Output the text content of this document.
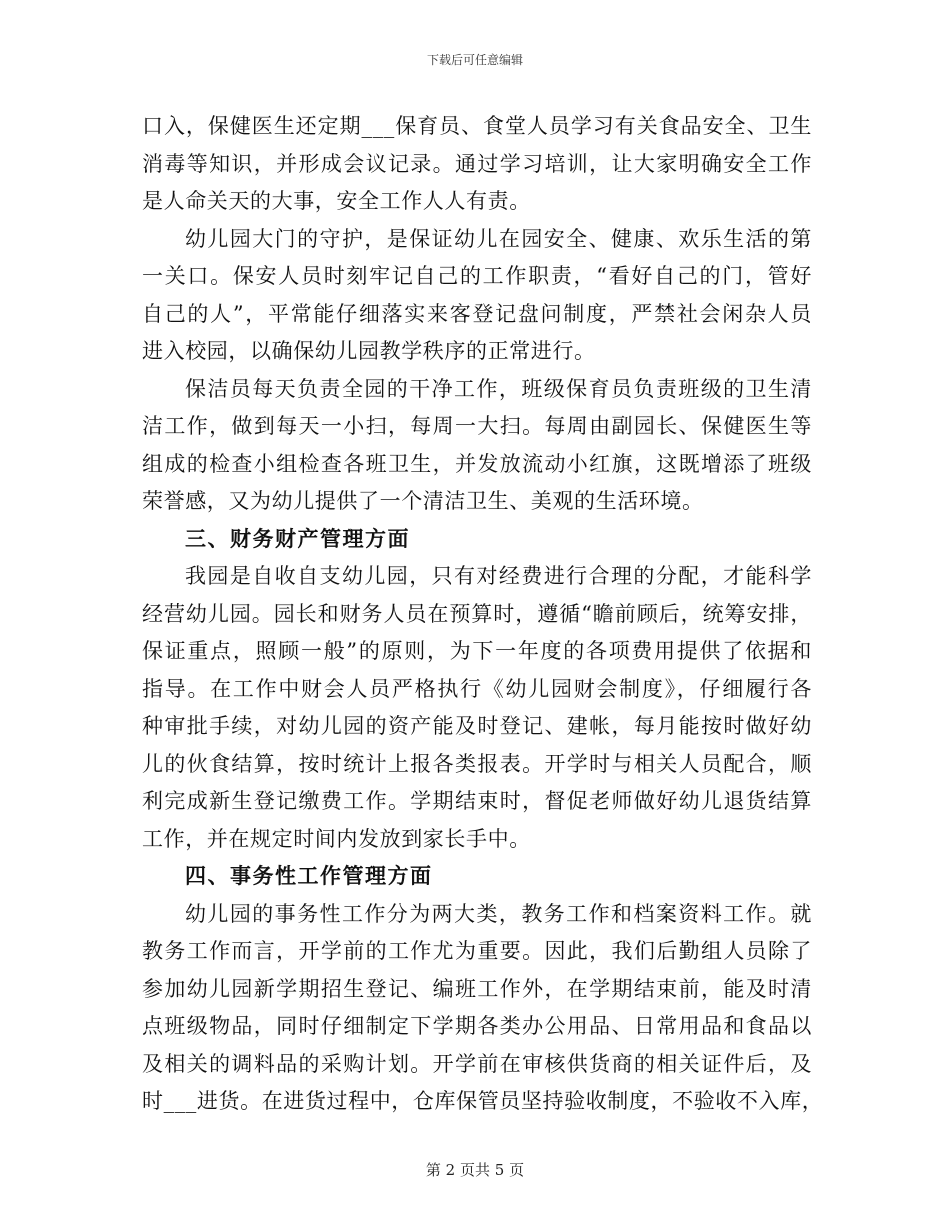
下载后可任意编辑
口入，保健医生还定期___保育员、食堂人员学习有关食品安全、卫生
消毒等知识，并形成会议记录。通过学习培训，让大家明确安全工作
是人命关天的大事，安全工作人人有责。
幼儿园大门的守护，是保证幼儿在园安全、健康、欢乐生活的第
一关口。保安人员时刻牢记自己的工作职责，“看好自己的门，管好
自己的人”，平常能仔细落实来客登记盘问制度，严禁社会闲杂人员
进入校园，以确保幼儿园教学秩序的正常进行。
保洁员每天负责全园的干净工作，班级保育员负责班级的卫生清
洁工作，做到每天一小扫，每周一大扫。每周由副园长、保健医生等
组成的检查小组检查各班卫生，并发放流动小红旗，这既增添了班级
荣誉感，又为幼儿提供了一个清洁卫生、美观的生活环境。
三、财务财产管理方面
我园是自收自支幼儿园，只有对经费进行合理的分配，才能科学
经营幼儿园。园长和财务人员在预算时，遵循“瞻前顾后，统筹安排，
保证重点，照顾一般”的原则，为下一年度的各项费用提供了依据和
指导。在工作中财会人员严格执行《幼儿园财会制度》，仔细履行各
种审批手续，对幼儿园的资产能及时登记、建帐，每月能按时做好幼
儿的伙食结算，按时统计上报各类报表。开学时与相关人员配合，顺
利完成新生登记缴费工作。学期结束时，督促老师做好幼儿退货结算
工作，并在规定时间内发放到家长手中。
四、事务性工作管理方面
幼儿园的事务性工作分为两大类，教务工作和档案资料工作。就
教务工作而言，开学前的工作尤为重要。因此，我们后勤组人员除了
参加幼儿园新学期招生登记、编班工作外，在学期结束前，能及时清
点班级物品，同时仔细制定下学期各类办公用品、日常用品和食品以
及相关的调料品的采购计划。开学前在审核供货商的相关证件后，及
时___进货。在进货过程中，仓库保管员坚持验收制度，不验收不入库，
第 2 页共 5 页
